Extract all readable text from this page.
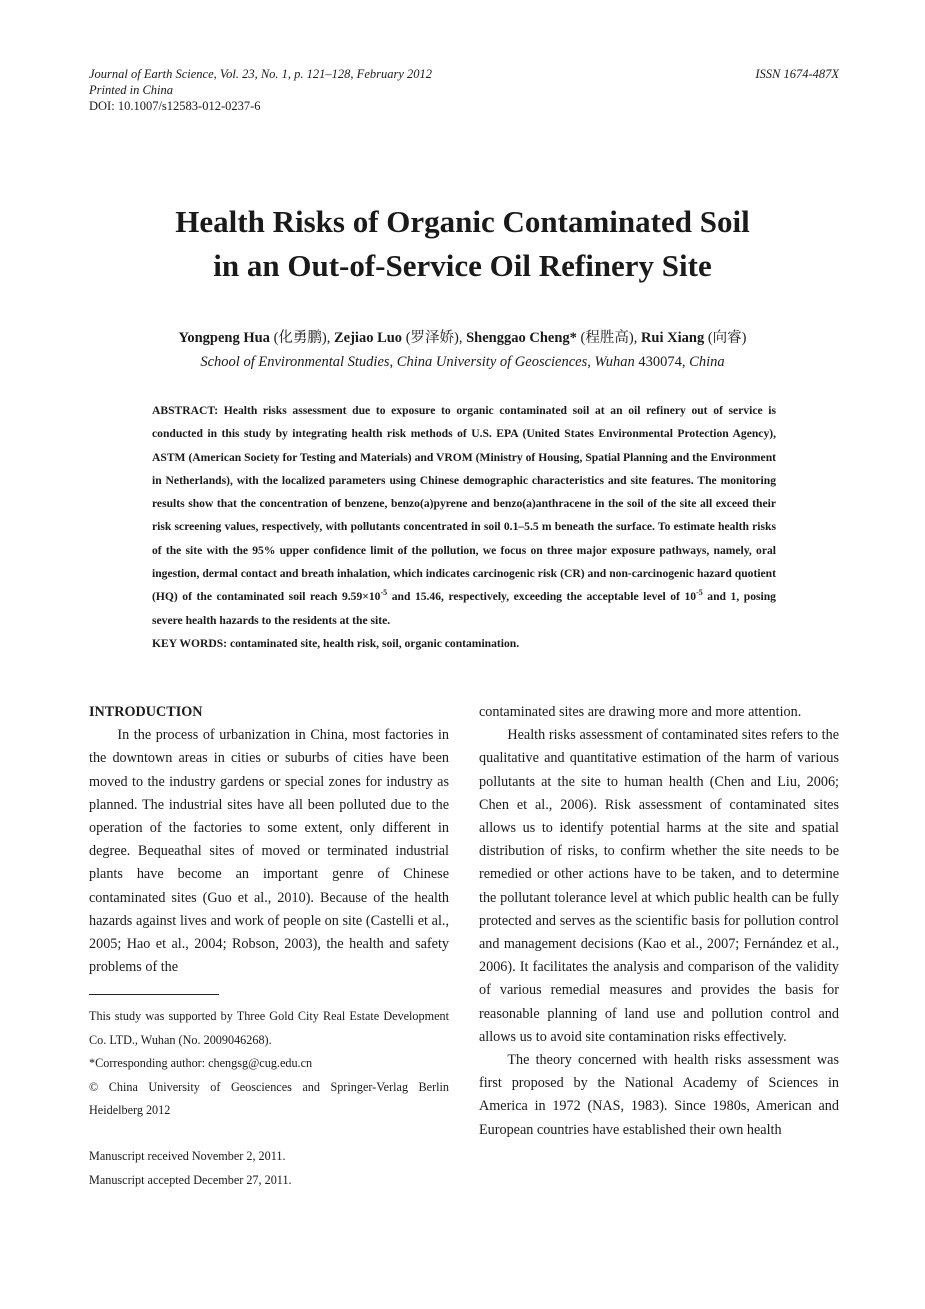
Journal of Earth Science, Vol. 23, No. 1, p. 121–128, February 2012	ISSN 1674-487X
Printed in China
DOI: 10.1007/s12583-012-0237-6
Health Risks of Organic Contaminated Soil
in an Out-of-Service Oil Refinery Site
Yongpeng Hua (化勇鹏), Zejiao Luo (罗泽娇), Shenggao Cheng* (程胜高), Rui Xiang (向睿)
School of Environmental Studies, China University of Geosciences, Wuhan 430074, China

ABSTRACT: Health risks assessment due to exposure to organic contaminated soil at an oil refinery out of service is conducted in this study by integrating health risk methods of U.S. EPA (United States Environmental Protection Agency), ASTM (American Society for Testing and Materials) and VROM (Ministry of Housing, Spatial Planning and the Environment in Netherlands), with the localized parameters using Chinese demographic characteristics and site features. The monitoring results show that the concentration of benzene, benzo(a)pyrene and benzo(a)anthracene in the soil of the site all exceed their risk screening values, respectively, with pollutants concentrated in soil 0.1–5.5 m beneath the surface. To estimate health risks of the site with the 95% upper confidence limit of the pollution, we focus on three major exposure pathways, namely, oral ingestion, dermal contact and breath inhalation, which indicates carcinogenic risk (CR) and non-carcinogenic hazard quotient (HQ) of the contaminated soil reach $9.59\times 10^{-5}$ and 15.46, respectively, exceeding the acceptable level of $10^{-5}$ and 1, posing severe health hazards to the residents at the site.

KEY WORDS: contaminated site, health risk, soil, organic contamination.

INTRODUCTION

In the process of urbanization in China, most factories in the downtown areas in cities or suburbs of cities have been moved to the industry gardens or special zones for industry as planned. The industrial sites have all been polluted due to the operation of the factories to some extent, only different in degree. Bequeathal sites of moved or terminated industrial plants have become an important genre of Chinese contaminated sites (Guo et al., 2010). Because of the health hazards against lives and work of people on site (Castelli et al., 2005; Hao et al., 2004; Robson, 2003), the health and safety problems of the

This study was supported by Three Gold City Real Estate Development Co. LTD., Wuhan (No. 2009046268).

*Corresponding author: chengsg@cug.edu.cn

© China University of Geosciences and Springer-Verlag Berlin Heidelberg 2012

Manuscript received November 2, 2011.

Manuscript accepted December 27, 2011.

contaminated sites are drawing more and more attention.

Health risks assessment of contaminated sites refers to the qualitative and quantitative estimation of the harm of various pollutants at the site to human health (Chen and Liu, 2006; Chen et al., 2006). Risk assessment of contaminated sites allows us to identify potential harms at the site and spatial distribution of risks, to confirm whether the site needs to be remedied or other actions have to be taken, and to determine the pollutant tolerance level at which public health can be fully protected and serves as the scientific basis for pollution control and management decisions (Kao et al., 2007; Fernández et al., 2006). It facilitates the analysis and comparison of the validity of various remedial measures and provides the basis for reasonable planning of land use and pollution control and allows us to avoid site contamination risks effectively.

The theory concerned with health risks assessment was first proposed by the National Academy of Sciences in America in 1972 (NAS, 1983). Since 1980s, American and European countries have established their own health
